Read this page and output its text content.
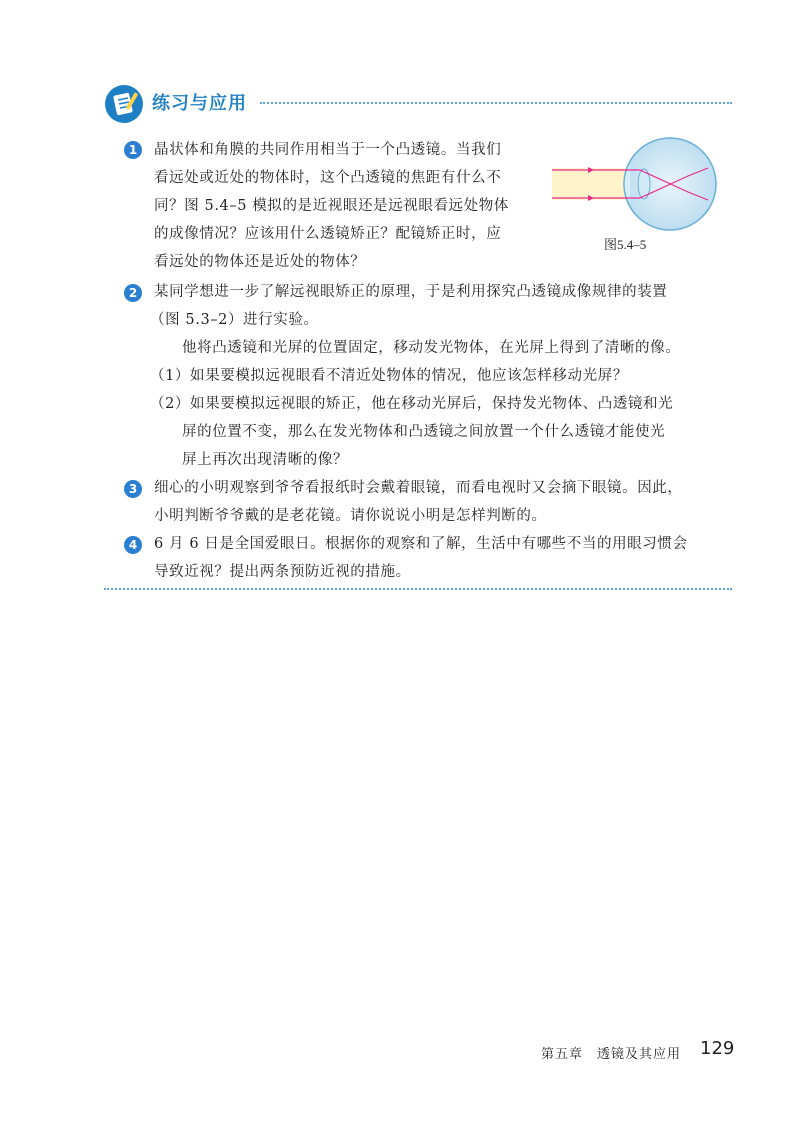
练习与应用
1	晶状体和角膜的共同作用相当于一个凸透镜。当我们
看远处或近处的物体时，这个凸透镜的焦距有什么不
同？图 5.4–5 模拟的是近视眼还是远视眼看远处物体
的成像情况？应该用什么透镜矫正？配镜矫正时，应
看远处的物体还是近处的物体？
图5.4–5
2	某同学想进一步了解远视眼矫正的原理，于是利用探究凸透镜成像规律的装置
（图 5.3–2）进行实验。
他将凸透镜和光屏的位置固定，移动发光物体，在光屏上得到了清晰的像。
（1）如果要模拟远视眼看不清近处物体的情况，他应该怎样移动光屏？
（2）如果要模拟远视眼的矫正，他在移动光屏后，保持发光物体、凸透镜和光
屏的位置不变，那么在发光物体和凸透镜之间放置一个什么透镜才能使光
屏上再次出现清晰的像？
3	细心的小明观察到爷爷看报纸时会戴着眼镜，而看电视时又会摘下眼镜。因此，
小明判断爷爷戴的是老花镜。请你说说小明是怎样判断的。
4	6 月 6 日是全国爱眼日。根据你的观察和了解，生活中有哪些不当的用眼习惯会
导致近视？提出两条预防近视的措施。
第五章　透镜及其应用 129
